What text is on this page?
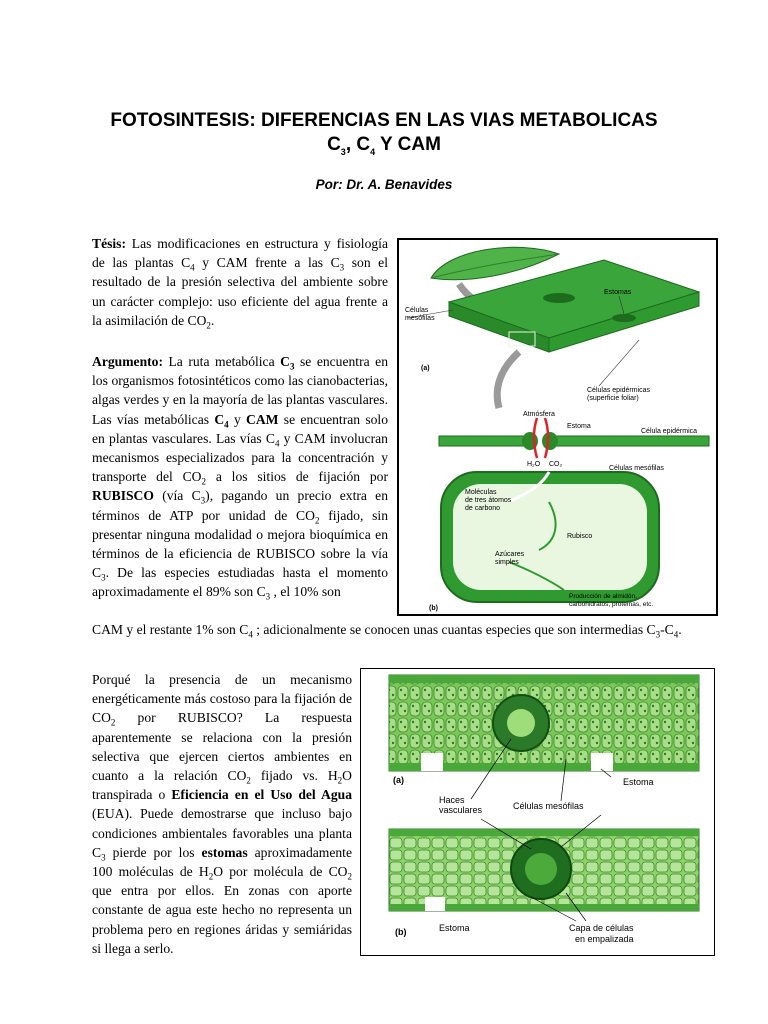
FOTOSINTESIS: DIFERENCIAS EN LAS VIAS METABOLICAS
$C_3$, $C_4$ Y CAM
Por: Dr. A. Benavides
Tésis: Las modificaciones en estructura y fisiología de las plantas $C_4$ y CAM frente a las $C_3$ son el resultado de la presión selectiva del ambiente sobre un carácter complejo: uso eficiente del agua frente a la asimilación de $CO_2$.
Argumento: La ruta metabólica $C_3$ se encuentra en los organismos fotosintéticos como las cianobacterias, algas verdes y en la mayoría de las plantas vasculares. Las vías metabólicas $C_4$ y CAM se encuentran solo en plantas vasculares. Las vías $C_4$ y CAM involucran mecanismos especializados para la concentración y transporte del $CO_2$ a los sitios de fijación por RUBISCO (vía $C_3$), pagando un precio extra en términos de ATP por unidad de $CO_2$ fijado, sin presentar ninguna modalidad o mejora bioquímica en términos de la eficiencia de RUBISCO sobre la vía $C_3$. De las especies estudiadas hasta el momento aproximadamente el 89% son $C_3$ , el 10% son
CAM y el restante 1% son $C_4$ ; adicionalmente se conocen unas cuantas especies que son intermedias $C_3-C_4$.
Porqué la presencia de un mecanismo energéticamente más costoso para la fijación de $CO_2$ por RUBISCO? La respuesta aparentemente se relaciona con la presión selectiva que ejercen ciertos ambientes en cuanto a la relación $CO_2$ fijado vs. $H_2O$ transpirada o Eficiencia en el Uso del Agua (EUA). Puede demostrarse que incluso bajo condiciones ambientales favorables una planta $C_3$ pierde por los estomas aproximadamente 100 moléculas de $H_2O$ por molécula de $CO_2$ que entra por ellos. En zonas con aporte constante de agua este hecho no representa un problema pero en regiones áridas y semiáridas si llega a serlo.
Células
mesófilas
Estomas
(a)
Células epidérmicas
(superficie foliar)
Atmósfera
Estoma
Célula epidérmica
H₂O CO₂
Células mesófilas
Moléculas
de tres átomos
de carbono
Rubisco
Azúcares
simples
(b)
Producción de almidón,
carbohidratos, proteínas, etc.
(a)	Estoma
Haces
vasculares	Células mesófilas
(b)	Estoma	Capa de células
en empalizada
